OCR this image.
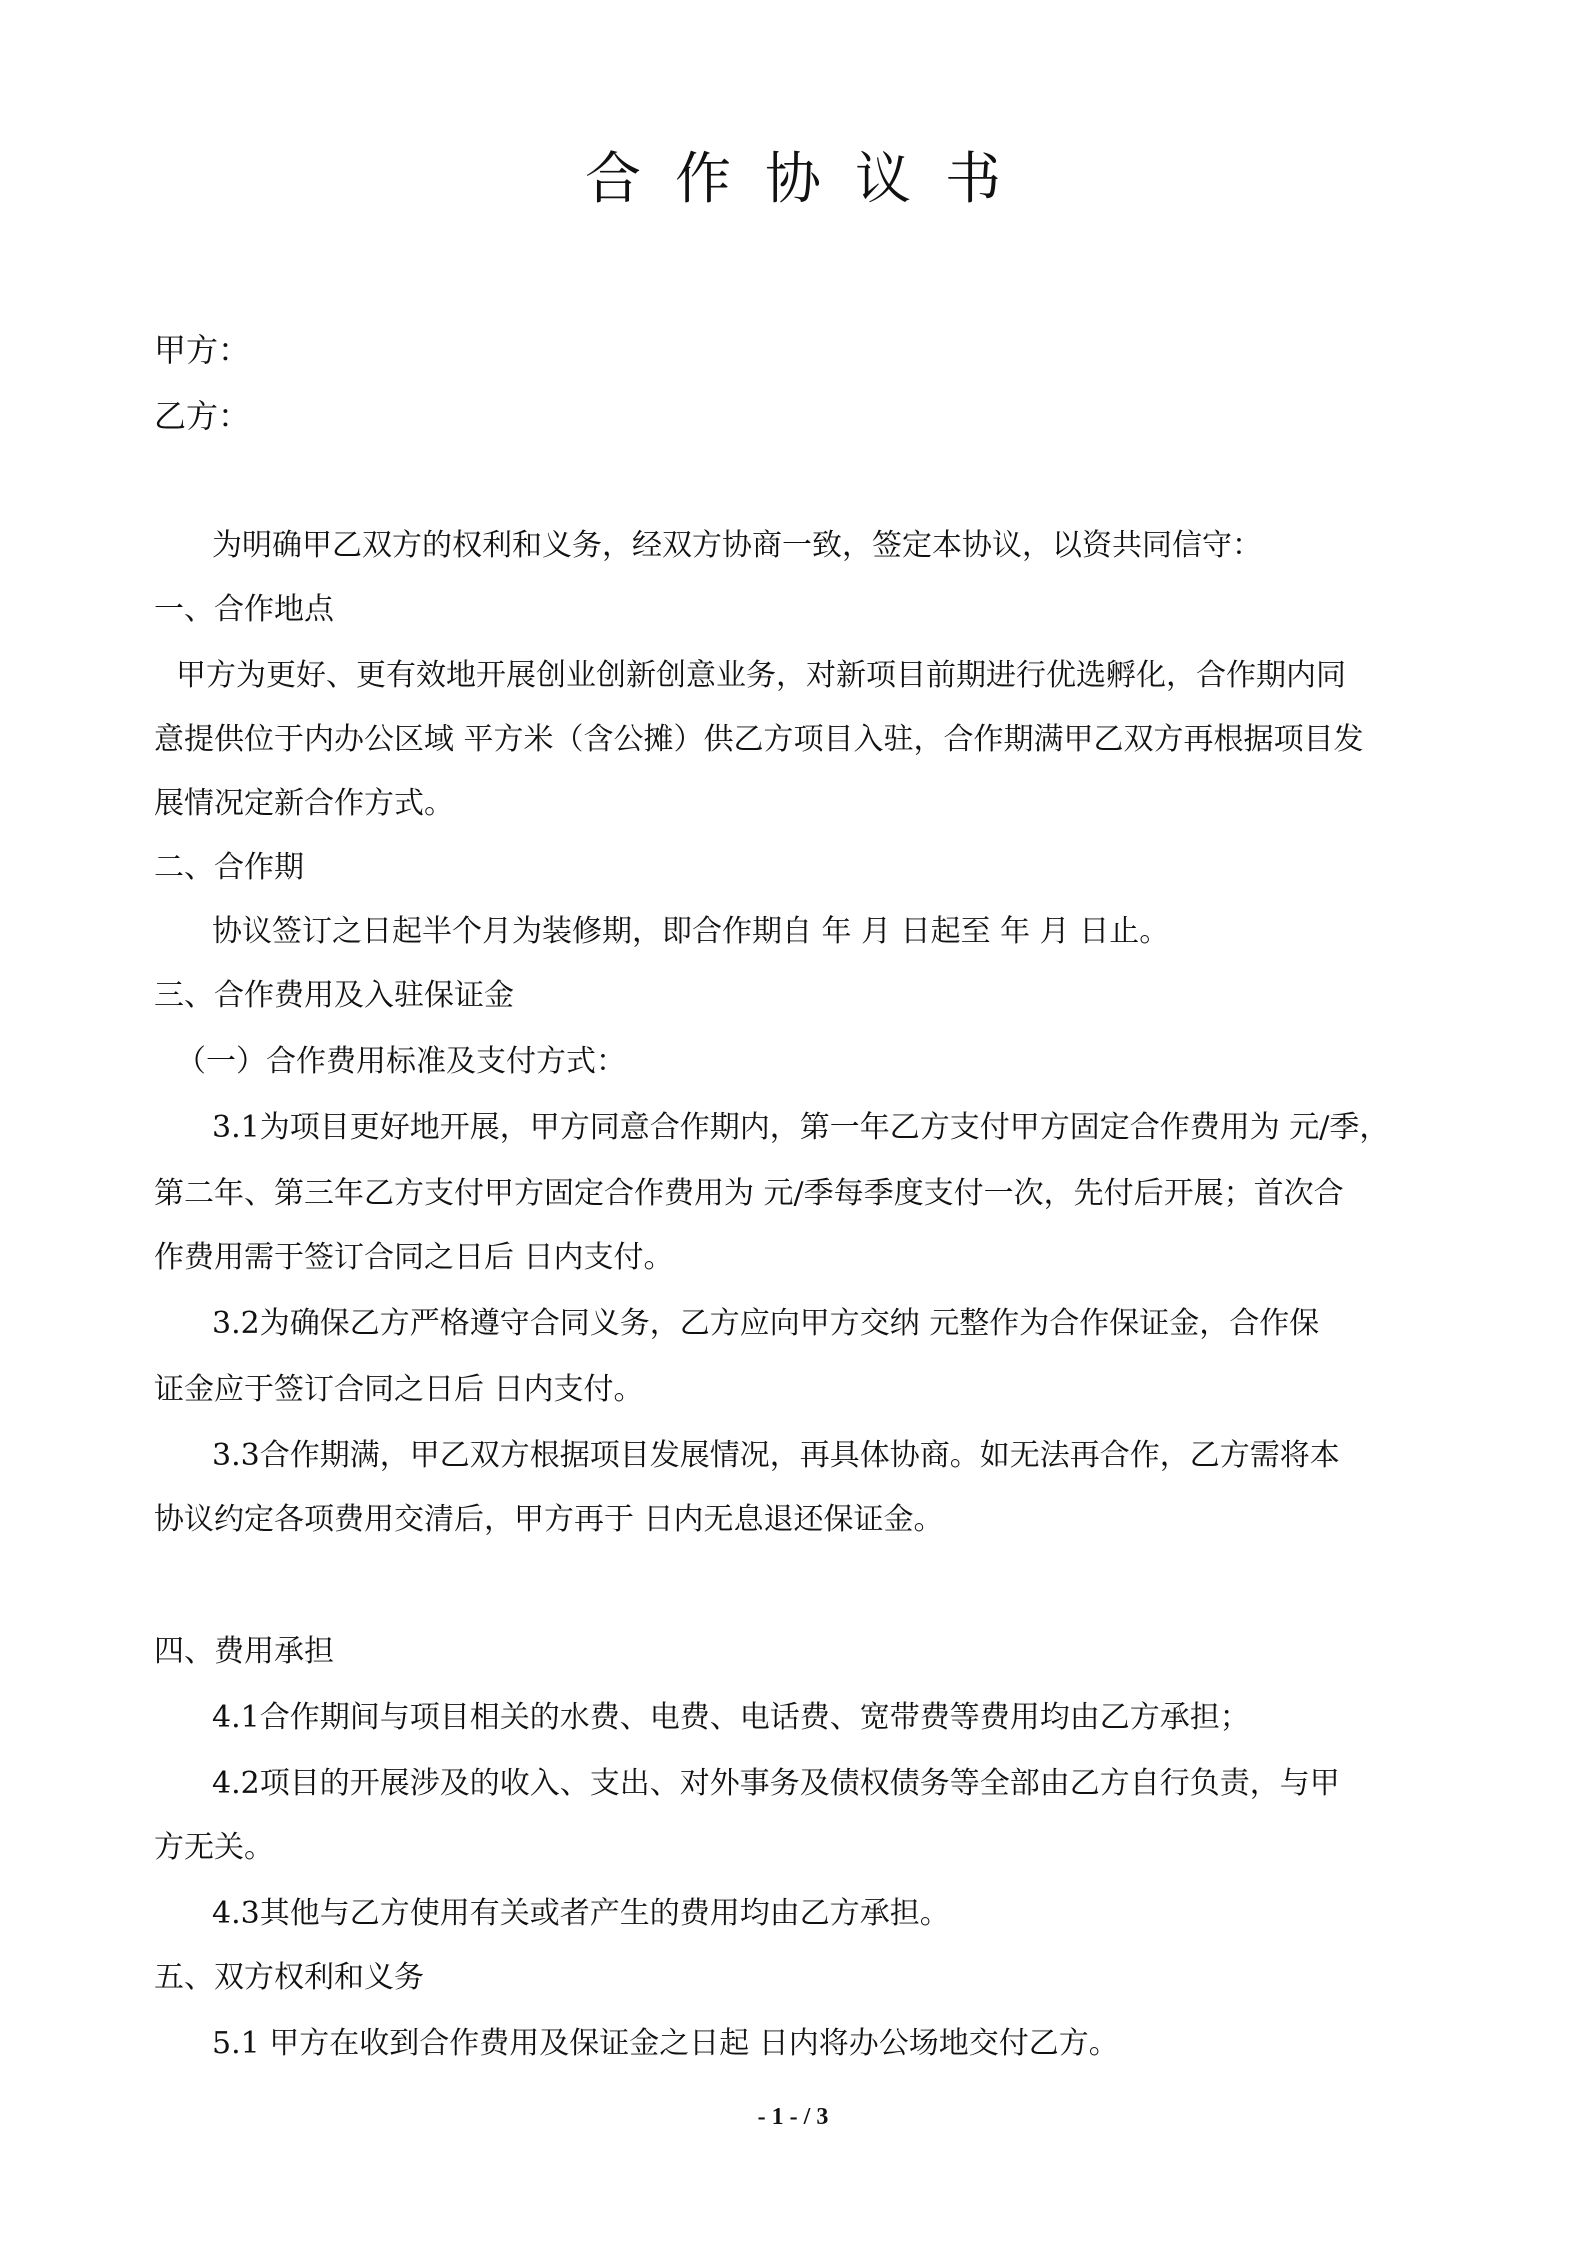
合作协议书
甲方：
乙方：
为明确甲乙双方的权利和义务，经双方协商一致，签定本协议，以资共同信守：
一、合作地点
甲方为更好、更有效地开展创业创新创意业务，对新项目前期进行优选孵化，合作期内同
意提供位于内办公区域 平方米（含公摊）供乙方项目入驻，合作期满甲乙双方再根据项目发
展情况定新合作方式。
二、合作期
协议签订之日起半个月为装修期，即合作期自 年 月 日起至 年 月 日止。
三、合作费用及入驻保证金
（一）合作费用标准及支付方式：
3.1为项目更好地开展，甲方同意合作期内，第一年乙方支付甲方固定合作费用为 元/季，
第二年、第三年乙方支付甲方固定合作费用为 元/季每季度支付一次，先付后开展；首次合
作费用需于签订合同之日后 日内支付。
3.2为确保乙方严格遵守合同义务，乙方应向甲方交纳 元整作为合作保证金，合作保
证金应于签订合同之日后 日内支付。
3.3合作期满，甲乙双方根据项目发展情况，再具体协商。如无法再合作，乙方需将本
协议约定各项费用交清后，甲方再于 日内无息退还保证金。
四、费用承担
4.1合作期间与项目相关的水费、电费、电话费、宽带费等费用均由乙方承担；
4.2项目的开展涉及的收入、支出、对外事务及债权债务等全部由乙方自行负责，与甲
方无关。
4.3其他与乙方使用有关或者产生的费用均由乙方承担。
五、双方权利和义务
5.1 甲方在收到合作费用及保证金之日起 日内将办公场地交付乙方。
- 1 - / 3
